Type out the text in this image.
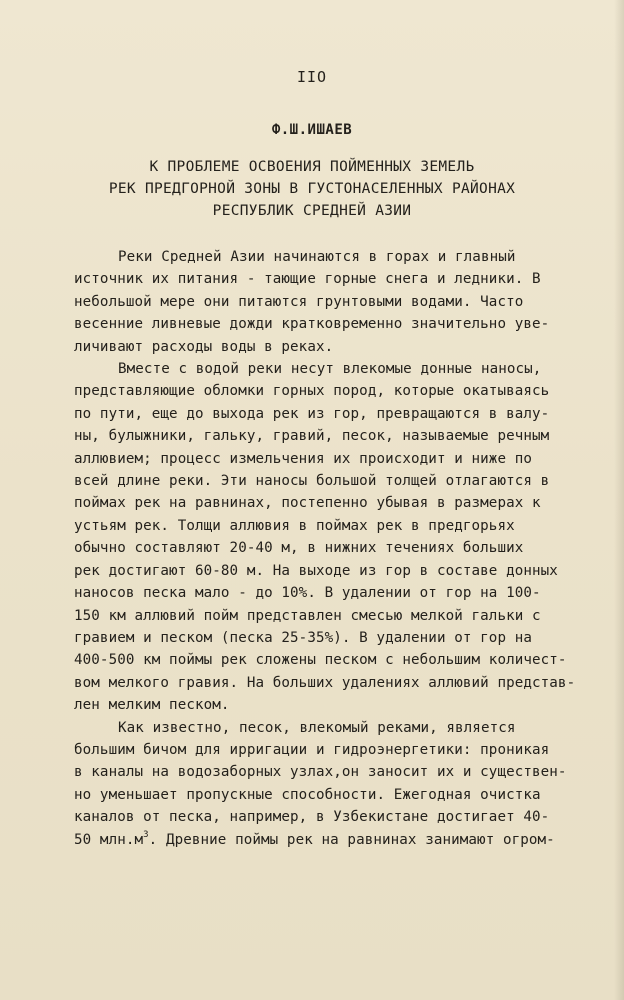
IIO
Ф.Ш.ИШАЕВ
К ПРОБЛЕМЕ ОСВОЕНИЯ ПОЙМЕННЫХ ЗЕМЕЛЬ
РЕК ПРЕДГОРНОЙ ЗОНЫ В ГУСТОНАСЕЛЕННЫХ РАЙОНАХ
РЕСПУБЛИК СРЕДНЕЙ АЗИИ
Реки Средней Азии начинаются в горах и главный
источник их питания - тающие горные снега и ледники. В
небольшой мере они питаются грунтовыми водами. Часто
весенние ливневые дожди кратковременно значительно уве-
личивают расходы воды в реках.
Вместе с водой реки несут влекомые донные наносы,
представляющие обломки горных пород, которые окатываясь
по пути, еще до выхода рек из гор, превращаются в валу-
ны, булыжники, гальку, гравий, песок, называемые речным
аллювием; процесс измельчения их происходит и ниже по
всей длине реки. Эти наносы большой толщей отлагаются в
поймах рек на равнинах, постепенно убывая в размерах к
устьям рек. Толщи аллювия в поймах рек в предгорьях
обычно составляют 20-40 м, в нижних течениях больших
рек достигают 60-80 м. На выходе из гор в составе донных
наносов песка мало - до 10%. В удалении от гор на 100-
150 км аллювий пойм представлен смесью мелкой гальки с
гравием и песком (песка 25-35%). В удалении от гор на
400-500 км поймы рек сложены песком с небольшим количест-
вом мелкого гравия. На больших удалениях аллювий представ-
лен мелким песком.
Как известно, песок, влекомый реками, является
большим бичом для ирригации и гидроэнергетики: проникая
в каналы на водозаборных узлах,он заносит их и существен-
но уменьшает пропускные способности. Ежегодная очистка
каналов от песка, например, в Узбекистане достигает 40-
50 $млн.м^3$. Древние поймы рек на равнинах занимают огром-
